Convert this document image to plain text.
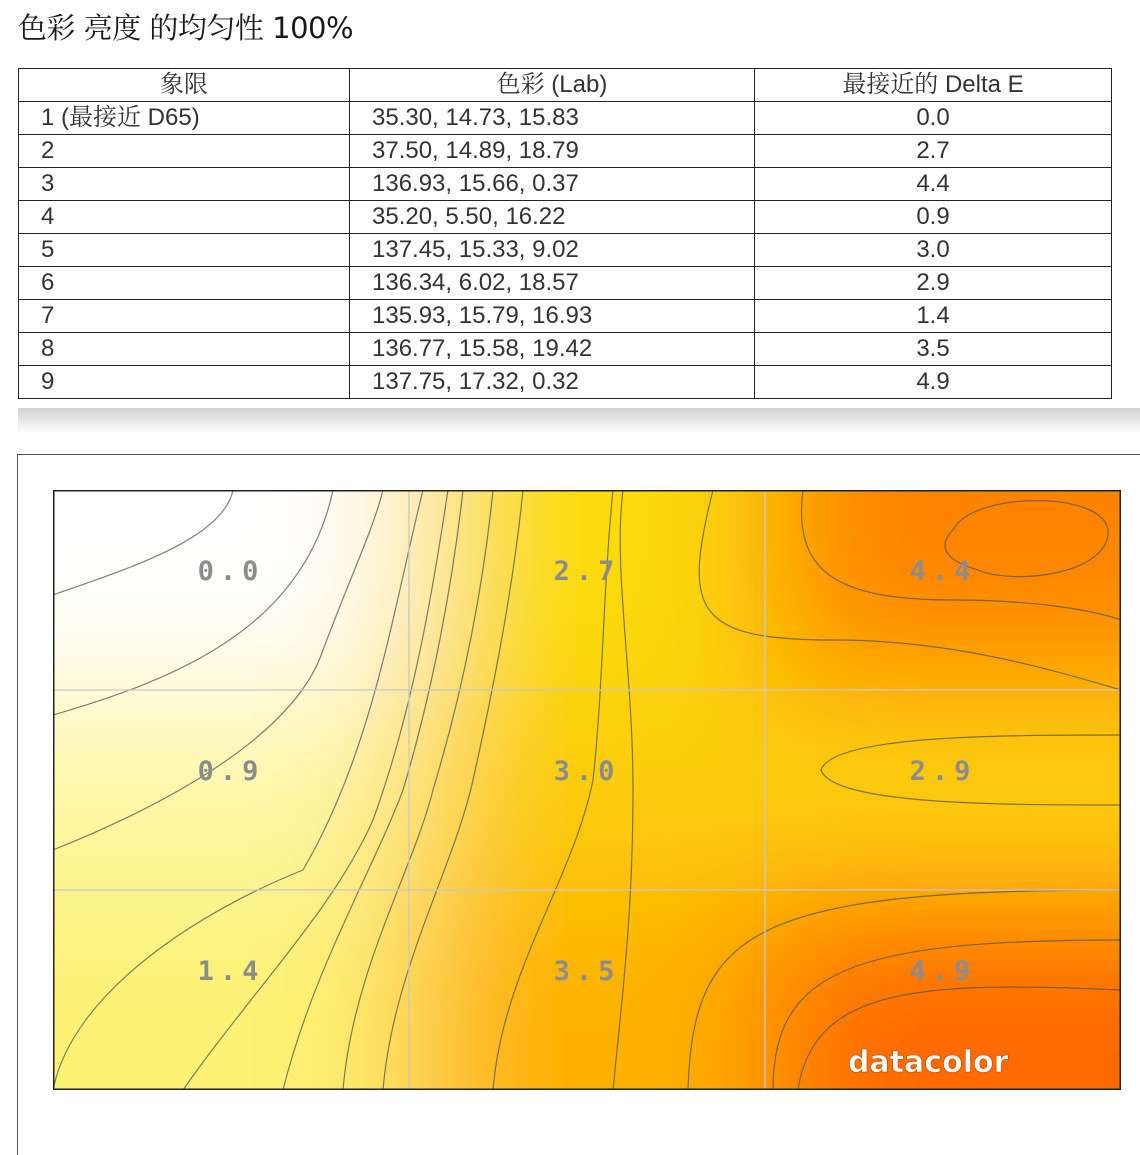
色彩 亮度 的均匀性 100%
象限	色彩 (Lab)	最接近的 Delta E
1 (最接近 D65)	35.30, 14.73, 15.83	0.0
2	37.50, 14.89, 18.79	2.7
3	136.93, 15.66, 0.37	4.4
4	35.20, 5.50, 16.22	0.9
5	137.45, 15.33, 9.02	3.0
6	136.34, 6.02, 18.57	2.9
7	135.93, 15.79, 16.93	1.4
8	136.77, 15.58, 19.42	3.5
9	137.75, 17.32, 0.32	4.9
0.0	2.7	4.4
0.9	3.0	2.9
1.4	3.5	4.9
datacolor
